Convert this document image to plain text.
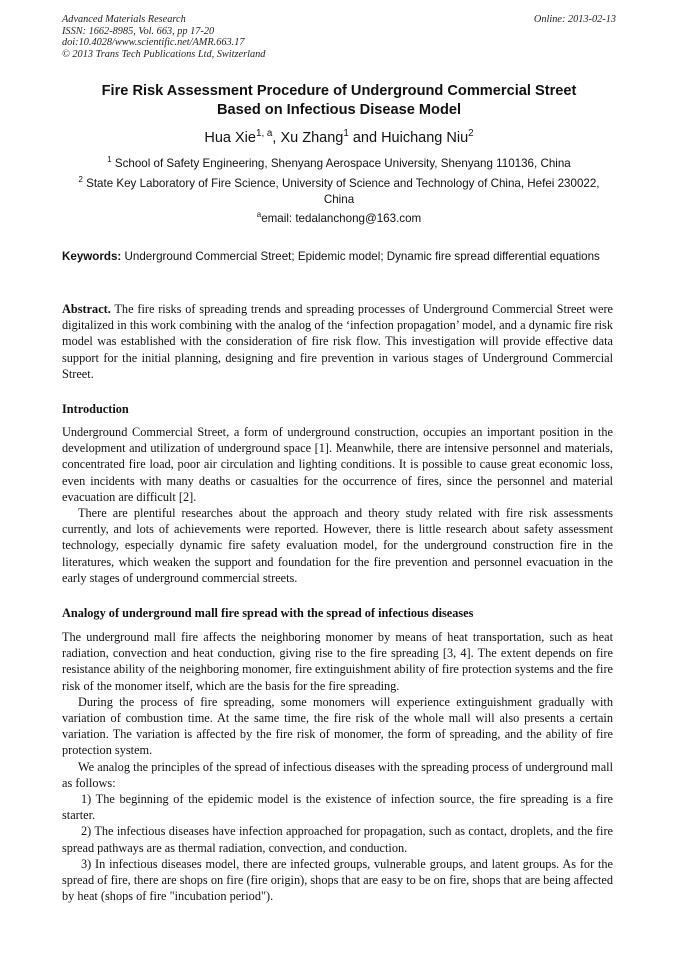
Advanced Materials Research
ISSN: 1662-8985, Vol. 663, pp 17-20
doi:10.4028/www.scientific.net/AMR.663.17
© 2013 Trans Tech Publications Ltd, Switzerland
Online: 2013-02-13
Fire Risk Assessment Procedure of Underground Commercial Street
Based on Infectious Disease Model
Hua Xie$^{1, a}$, Xu Zhang$^1$ and Huichang Niu$^2$
$^1$ School of Safety Engineering, Shenyang Aerospace University, Shenyang 110136, China
$^2$ State Key Laboratory of Fire Science, University of Science and Technology of China, Hefei 230022, China
$^a$email: tedalanchong@163.com
Keywords: Underground Commercial Street; Epidemic model; Dynamic fire spread differential equations
Abstract. The fire risks of spreading trends and spreading processes of Underground Commercial Street were digitalized in this work combining with the analog of the ‘infection propagation’ model, and a dynamic fire risk model was established with the consideration of fire risk flow. This investigation will provide effective data support for the initial planning, designing and fire prevention in various stages of Underground Commercial Street.
Introduction

Underground Commercial Street, a form of underground construction, occupies an important position in the development and utilization of underground space [1]. Meanwhile, there are intensive personnel and materials, concentrated fire load, poor air circulation and lighting conditions. It is possible to cause great economic loss, even incidents with many deaths or casualties for the occurrence of fires, since the personnel and material evacuation are difficult [2].

There are plentiful researches about the approach and theory study related with fire risk assessments currently, and lots of achievements were reported. However, there is little research about safety assessment technology, especially dynamic fire safety evaluation model, for the underground construction fire in the literatures, which weaken the support and foundation for the fire prevention and personnel evacuation in the early stages of underground commercial streets.

Analogy of underground mall fire spread with the spread of infectious diseases

The underground mall fire affects the neighboring monomer by means of heat transportation, such as heat radiation, convection and heat conduction, giving rise to the fire spreading [3, 4]. The extent depends on fire resistance ability of the neighboring monomer, fire extinguishment ability of fire protection systems and the fire risk of the monomer itself, which are the basis for the fire spreading.

During the process of fire spreading, some monomers will experience extinguishment gradually with variation of combustion time. At the same time, the fire risk of the whole mall will also presents a certain variation. The variation is affected by the fire risk of monomer, the form of spreading, and the ability of fire protection system.

We analog the principles of the spread of infectious diseases with the spreading process of underground mall as follows:

1) The beginning of the epidemic model is the existence of infection source, the fire spreading is a fire starter.

2) The infectious diseases have infection approached for propagation, such as contact, droplets, and the fire spread pathways are as thermal radiation, convection, and conduction.

3) In infectious diseases model, there are infected groups, vulnerable groups, and latent groups. As for the spread of fire, there are shops on fire (fire origin), shops that are easy to be on fire, shops that are being affected by heat (shops of fire "incubation period").
